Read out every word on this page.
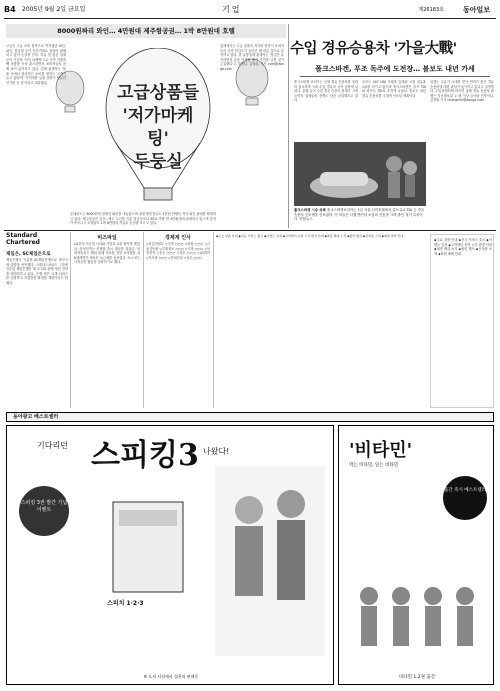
B4 2005년 9월 2일 금요일	기업	제26183호	동아일보
8000원짜리 와인… 4만원대 제주항공권… 1박 8만원대 호텔
고급상품들
'저가마케팅'
두둥실
고급인 고급 소비 품목으로 여겨졌던 와인, 와인, 항공권 등이 저가격대로 잇따라 판매되고 있어 눈길을 끈다. 저유 및 항공 업체들이 이른바 '저가 마케팅'으로 가격 거품을 뺀 상품을 속속 출시하면서 소비자들의 선택 폭이 넓어지고 있다. 업계 관계자는 '불황 속에서 합리적인 소비를 원하는 고객이 늘고 있다'며 '가격대를 낮춘 상품이 당분간 인기를 끌 것'이라고 내다봤다.
업계에서는 고급 상품의 저가화 현상이 소비자들의 가격 민감도가 높아진 데 따른 것으로 분석하고 있다. 한 유통업체 관계자는 '품질은 유지하면서 유통 단계를 줄여 가격을 낮춘 것이 주효했다'고 말했다. 김상훈 기자 core@donga.com
롯데마트는 8000원대 칠레산 와인을 내놓았으며 대형 할인점들도 1만원 안팎의 저가 와인 판매를 확대하고 있다. 제주항공은 김포∼제주 노선을 기존 항공사보다 30% 가량 싼 4만원대에 판매하고 있으며 중저가 비즈니스 호텔들도 1박 8만원대 객실로 손님을 모으고 있다.
수입 경유승용차 '가을大戰'
폴크스바겐, 푸조 독주에 도전장… 볼보도 내년 가세
폴크스바겐 코리아는 신형 경유 승용차를 잇따라 출시하며 국내 수입 경유차 시장 공략에 나섰다. 올해 들어 수입 경유 승용차 판매가 크게 늘면서 업체들의 경쟁도 한층 치열해지고 있다.
푸조는 407 HDi 모델을 앞세워 시장 점유율 1위를 지키고 있으며 폴크스바겐은 골프 TDI와 파사트 TDI로 추격에 나섰다. 볼보도 내년 경유 승용차를 국내에 선보일 계획이다.
업계는 고유가 시대를 맞아 연비가 좋은 경유 승용차에 대한 관심이 높아지고 있다고 설명했다. 수입차협회에 따르면 올해 경유 승용차 판매는 지난해보다 두 배 이상 늘어날 전망이다. 김창원 기자 changkim@donga.com
폴크스바겐 시승 상륙 폴크스바겐코리아는 1일 서울 신라호텔에서 골프 2.0 TDI 등 경유 승용차 신모델을 선보였다. 이 차들은 디젤 엔진의 소음과 진동을 크게 줄인 것이 특징이다. 연합뉴스
Standard
Chartered
제일은, SC제일은으로
제일은행이 이름을 SC제일은행으로 바꾸고 새 출발을 선언했다. 스탠다드차타드 그룹에 인수된 제일은행은 새 로고와 함께 영업 전략을 재정비하고 있다. 은행 측은 고객 서비스를 강화하고 지점망을 확대할 계획이라고 밝혔다.
비즈파일
LG전자 이공대 사과와 기업과 교류 협약을 맺었다. 삼성전자는 신제품 출시 행사를 열었다. 현대자동차는 해외 판매 목표를 상향 조정했다. SK텔레콤은 새로운 요금제를 선보였다. 포스코는 사회공헌 활동을 강화하기로 했다.
경제계 인사
◇산업자원부 ▽국장 ○○○ ▽과장 ○○○ ◇금융감독원 ▽부원장보 ○○○ ▽국장 ○○○ ◇삼성전자 ▽전무 ○○○ ▽상무 ○○○ ◇LG화학 ▽부사장 ○○○ ◇현대건설 ▽상무 ○○○
◆주요 상품 안내 ◆신규 서비스 출시 ◆이벤트 일정 ◆고객센터 운영 시간 변경 안내 ◆매장 확대 소식 ◆할인 행사 ◆신상품 소개 ◆회원 혜택 안내
◆주요 상품 안내 ◆신규 서비스 출시 ◆이벤트 일정 ◆고객센터 운영 시간 변경 안내 ◆매장 확대 소식 ◆할인 행사 ◆신상품 소개 ◆회원 혜택 안내
동아광고 베스트셀러
기다리던 스피킹3 나왔다!
스피킹 3권 발간 기념 이벤트
스피치 1·2·3
※ 도서 서점에서 절찬리 판매중
'비타민'
먹는 비타민, 읽는 비타민
출간 즉시 베스트셀러
비타민 1,2권 출간
